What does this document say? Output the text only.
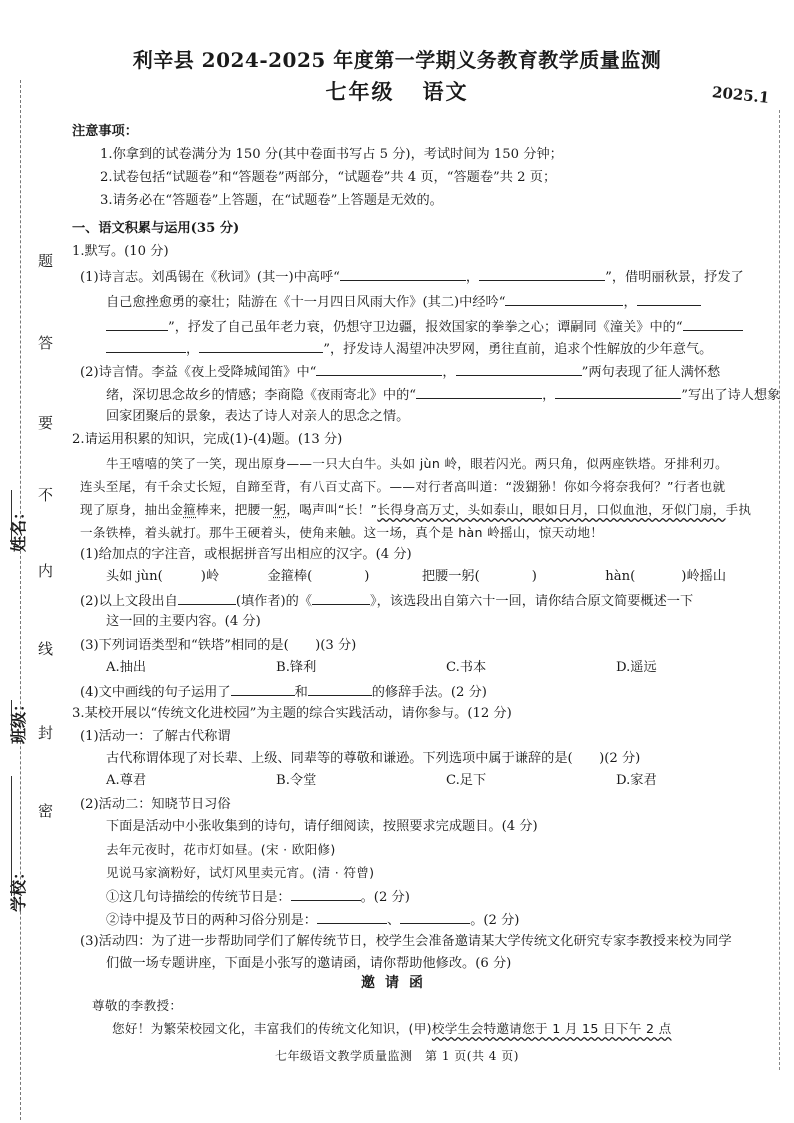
题
答
要
不
内
线
封
密
姓名：
班级：
学校：
利辛县 2024-2025 年度第一学期义务教育教学质量监测
七年级 语文	2025.1
注意事项：
1.你拿到的试卷满分为 150 分(其中卷面书写占 5 分)，考试时间为 150 分钟；
2.试卷包括“试题卷”和“答题卷”两部分，“试题卷”共 4 页，“答题卷”共 2 页；
3.请务必在“答题卷”上答题，在“试题卷”上答题是无效的。
一、语文积累与运用(35 分)
1.默写。(10 分)
(1)诗言志。刘禹锡在《秋词》(其一)中高呼“	，	”，借明丽秋景，抒发了
自己愈挫愈勇的豪壮；陆游在《十一月四日风雨大作》(其二)中经吟“	，
”，抒发了自己虽年老力衰，仍想守卫边疆，报效国家的拳拳之心；谭嗣同《潼关》中的“
，	”，抒发诗人渴望冲决罗网，勇往直前，追求个性解放的少年意气。
(2)诗言情。李益《夜上受降城闻笛》中“	，	”两句表现了征人满怀愁
绪，深切思念故乡的情感；李商隐《夜雨寄北》中的“	，	”写出了诗人想象
回家团聚后的景象，表达了诗人对亲人的思念之情。
2.请运用积累的知识，完成(1)-(4)题。(13 分)
牛王嘻嘻的笑了一笑，现出原身——一只大白牛。头如 jùn 岭，眼若闪光。两只角，似两座铁塔。牙排利刃。
连头至尾，有千余丈长短，自蹄至背，有八百丈高下。——对行者高叫道：“泼猢狲！你如今将奈我何？”行者也就
现了原身，抽出金箍棒来，把腰一躬，喝声叫“长！”长得身高万丈，头如泰山，眼如日月，口似血池，牙似门扇，手执
一条铁棒，着头就打。那牛王硬着头，使角来触。这一场，真个是 hàn 岭摇山，惊天动地！
(1)给加点的字注音，或根据拼音写出相应的汉字。(4 分)
头如 jùn(	)岭	金箍棒(	)	把腰一躬(	)	hàn(	)岭摇山
(2)以上文段出自	(填作者)的《	》，该选段出自第六十一回，请你结合原文简要概述一下
这一回的主要内容。(4 分)
(3)下列词语类型和“铁塔”相同的是(　　)(3 分)
A.抽出	B.锋利	C.书本	D.遥远
(4)文中画线的句子运用了	和	的修辞手法。(2 分)
3.某校开展以“传统文化进校园”为主题的综合实践活动，请你参与。(12 分)
(1)活动一：了解古代称谓
古代称谓体现了对长辈、上级、同辈等的尊敬和谦逊。下列选项中属于谦辞的是(　　)(2 分)
A.尊君	B.令堂	C.足下	D.家君
(2)活动二：知晓节日习俗
下面是活动中小张收集到的诗句，请仔细阅读，按照要求完成题目。(4 分)
去年元夜时，花市灯如昼。(宋 · 欧阳修)
见说马家滴粉好，试灯风里卖元宵。(清 · 符曾)
①这几句诗描绘的传统节日是：	。(2 分)
②诗中提及节日的两种习俗分别是：	、	。(2 分)
(3)活动四：为了进一步帮助同学们了解传统节日，校学生会准备邀请某大学传统文化研究专家李教授来校为同学
们做一场专题讲座，下面是小张写的邀请函，请你帮助他修改。(6 分)
邀请函
尊敬的李教授：
您好！为繁荣校园文化，丰富我们的传统文化知识，(甲)校学生会特邀请您于 1 月 15 日下午 2 点
七年级语文教学质量监测　第 1 页(共 4 页)
